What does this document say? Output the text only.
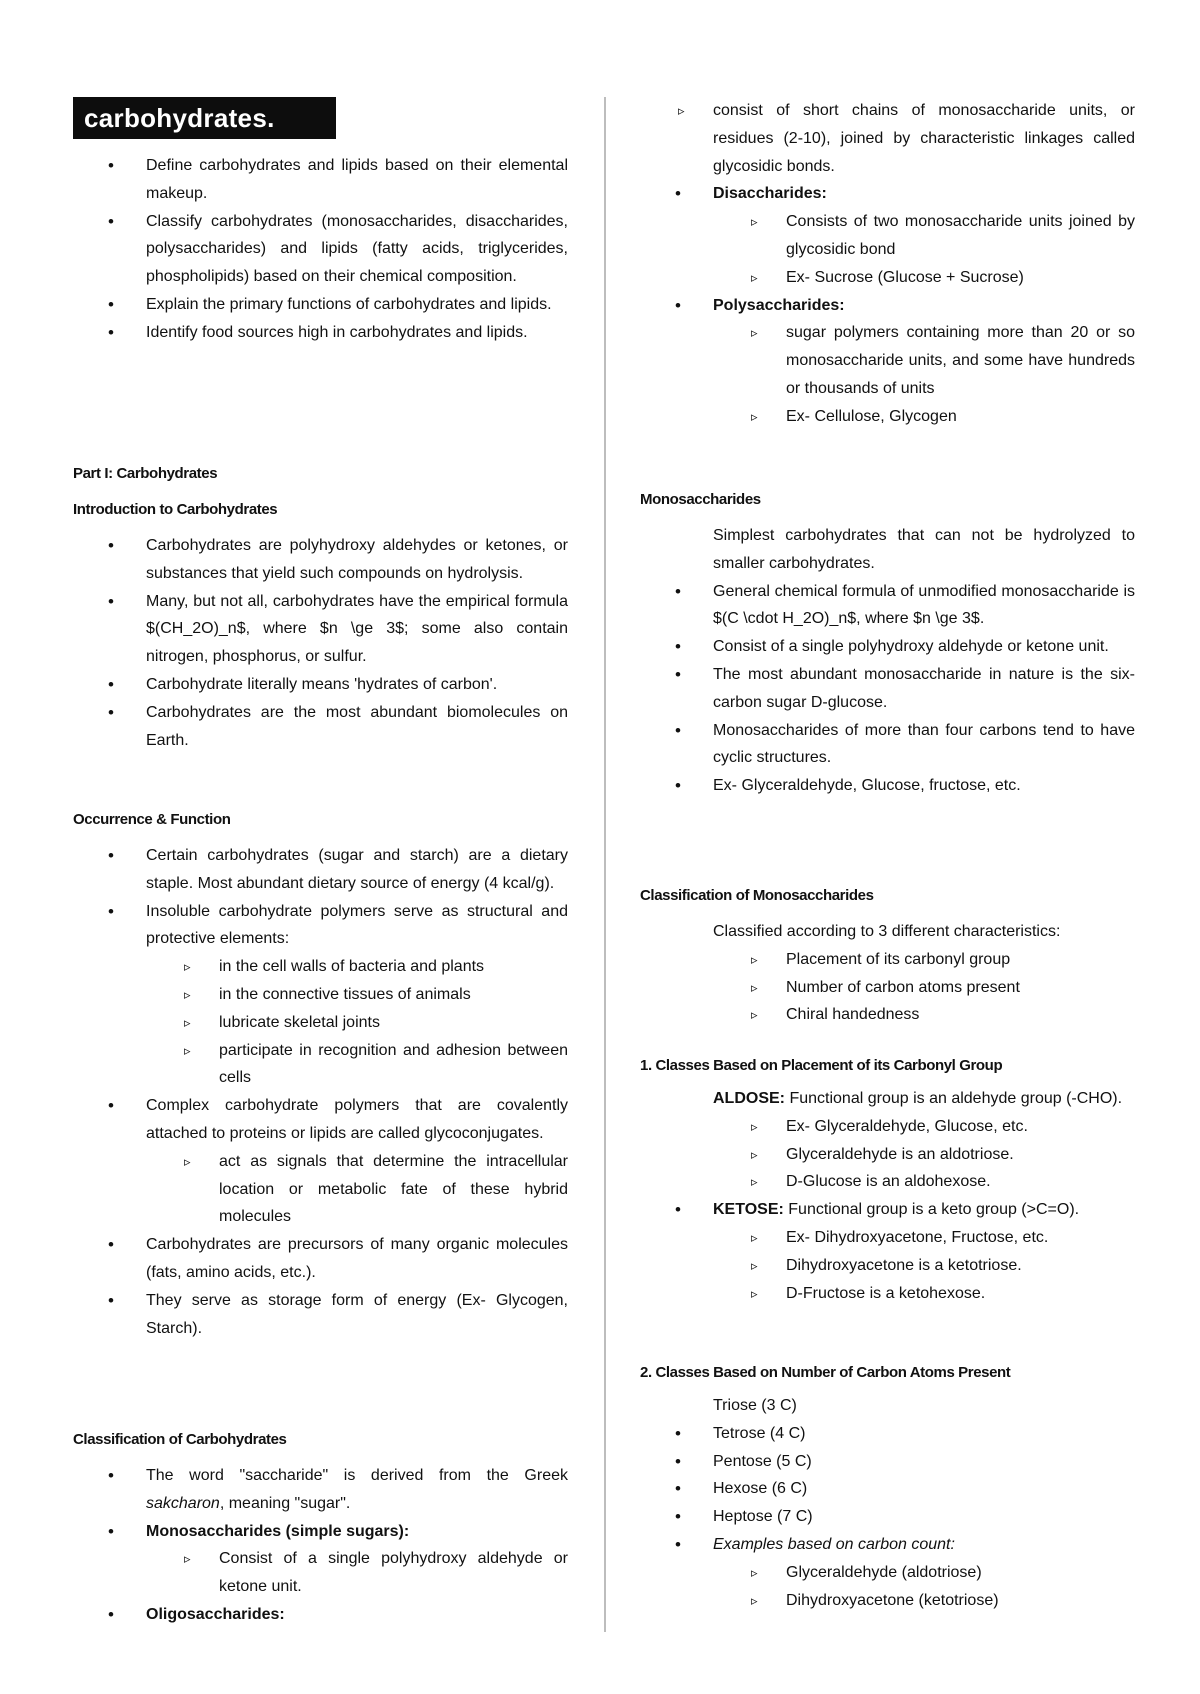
carbohydrates.
• Define carbohydrates and lipids based on their elemental makeup.
• Classify carbohydrates (monosaccharides, disaccharides, polysaccharides) and lipids (fatty acids, triglycerides, phospholipids) based on their chemical composition.
• Explain the primary functions of carbohydrates and lipids.
• Identify food sources high in carbohydrates and lipids.
Part I: Carbohydrates
Introduction to Carbohydrates
• Carbohydrates are polyhydroxy aldehydes or ketones, or substances that yield such compounds on hydrolysis.
• Many, but not all, carbohydrates have the empirical formula $(CH_2O)_n$, where $n \ge 3$; some also contain nitrogen, phosphorus, or sulfur.
• Carbohydrate literally means 'hydrates of carbon'.
• Carbohydrates are the most abundant biomolecules on Earth.
Occurrence & Function
• Certain carbohydrates (sugar and starch) are a dietary staple. Most abundant dietary source of energy (4 kcal/g).
• Insoluble carbohydrate polymers serve as structural and protective elements:
▹ in the cell walls of bacteria and plants
▹ in the connective tissues of animals
▹ lubricate skeletal joints
▹ participate in recognition and adhesion between cells
• Complex carbohydrate polymers that are covalently attached to proteins or lipids are called glycoconjugates.
▹ act as signals that determine the intracellular location or metabolic fate of these hybrid molecules
• Carbohydrates are precursors of many organic molecules (fats, amino acids, etc.).
• They serve as storage form of energy (Ex- Glycogen, Starch).
Classification of Carbohydrates
• The word "saccharide" is derived from the Greek sakcharon, meaning "sugar".
• Monosaccharides (simple sugars):
▹ Consist of a single polyhydroxy aldehyde or ketone unit.
• Oligosaccharides:
▹ consist of short chains of monosaccharide units, or residues (2-10), joined by characteristic linkages called glycosidic bonds.
• Disaccharides:
▹ Consists of two monosaccharide units joined by glycosidic bond
▹ Ex- Sucrose (Glucose + Sucrose)
• Polysaccharides:
▹ sugar polymers containing more than 20 or so monosaccharide units, and some have hundreds or thousands of units
▹ Ex- Cellulose, Glycogen
Monosaccharides
Simplest carbohydrates that can not be hydrolyzed to smaller carbohydrates.
• General chemical formula of unmodified monosaccharide is $(C \cdot H_2O)_n$, where $n \ge 3$.
• Consist of a single polyhydroxy aldehyde or ketone unit.
• The most abundant monosaccharide in nature is the six-carbon sugar D-glucose.
• Monosaccharides of more than four carbons tend to have cyclic structures.
• Ex- Glyceraldehyde, Glucose, fructose, etc.
Classification of Monosaccharides
Classified according to 3 different characteristics:
▹ Placement of its carbonyl group
▹ Number of carbon atoms present
▹ Chiral handedness
1. Classes Based on Placement of its Carbonyl Group
ALDOSE: Functional group is an aldehyde group (-CHO).
▹ Ex- Glyceraldehyde, Glucose, etc.
▹ Glyceraldehyde is an aldotriose.
▹ D-Glucose is an aldohexose.
• KETOSE: Functional group is a keto group (>C=O).
▹ Ex- Dihydroxyacetone, Fructose, etc.
▹ Dihydroxyacetone is a ketotriose.
▹ D-Fructose is a ketohexose.
2. Classes Based on Number of Carbon Atoms Present
Triose (3 C)
• Tetrose (4 C)
• Pentose (5 C)
• Hexose (6 C)
• Heptose (7 C)
• Examples based on carbon count:
▹ Glyceraldehyde (aldotriose)
▹ Dihydroxyacetone (ketotriose)
